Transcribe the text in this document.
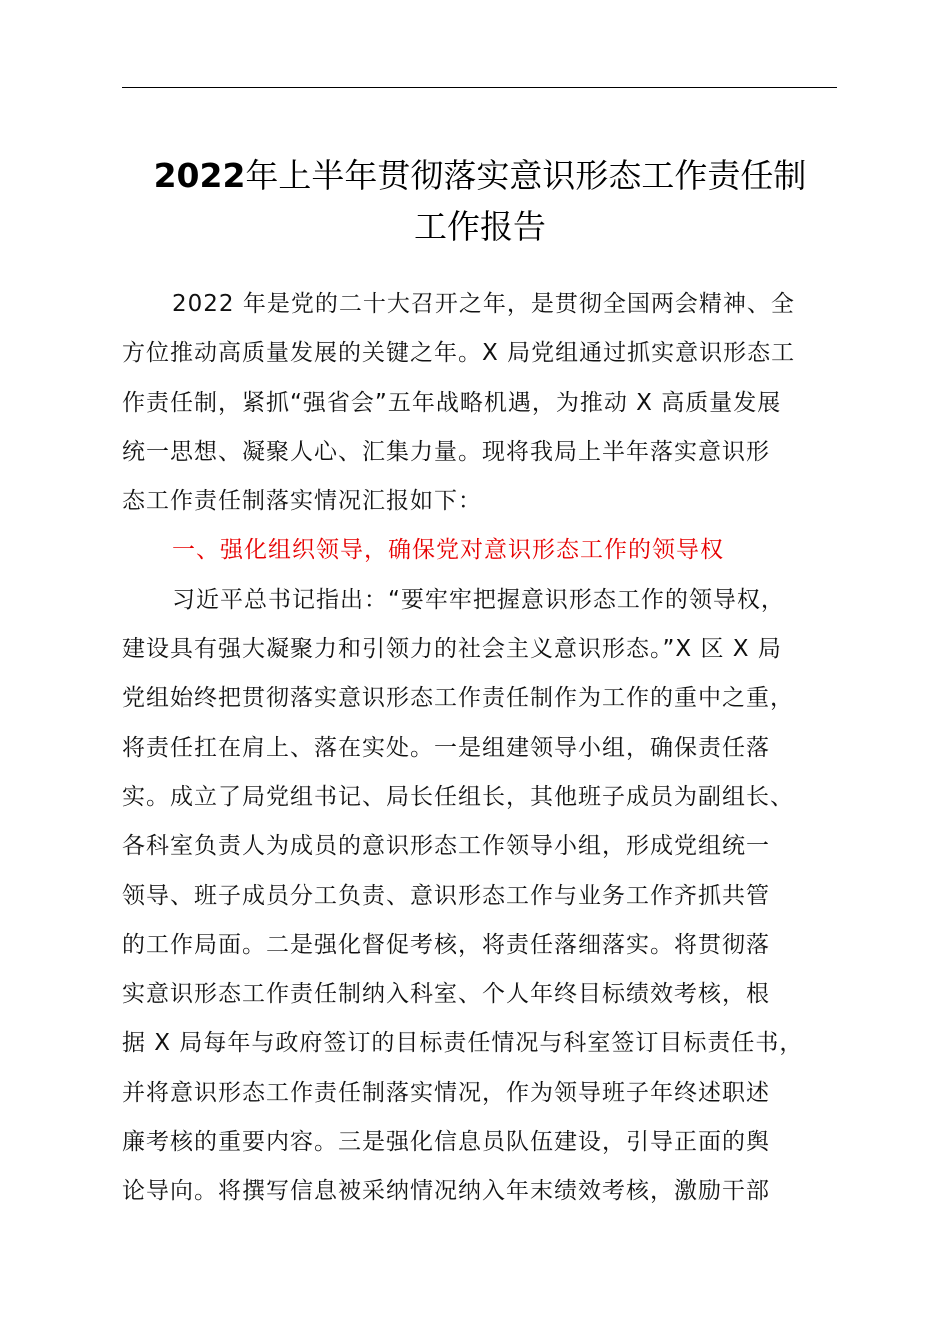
2022年上半年贯彻落实意识形态工作责任制
工作报告
2022 年是党的二十大召开之年，是贯彻全国两会精神、全
方位推动高质量发展的关键之年。X 局党组通过抓实意识形态工
作责任制，紧抓“强省会”五年战略机遇，为推动 X 高质量发展
统一思想、凝聚人心、汇集力量。现将我局上半年落实意识形
态工作责任制落实情况汇报如下：
一、强化组织领导，确保党对意识形态工作的领导权
习近平总书记指出：“要牢牢把握意识形态工作的领导权，
建设具有强大凝聚力和引领力的社会主义意识形态。”X 区 X 局
党组始终把贯彻落实意识形态工作责任制作为工作的重中之重，
将责任扛在肩上、落在实处。一是组建领导小组，确保责任落
实。成立了局党组书记、局长任组长，其他班子成员为副组长、
各科室负责人为成员的意识形态工作领导小组，形成党组统一
领导、班子成员分工负责、意识形态工作与业务工作齐抓共管
的工作局面。二是强化督促考核，将责任落细落实。将贯彻落
实意识形态工作责任制纳入科室、个人年终目标绩效考核，根
据 X 局每年与政府签订的目标责任情况与科室签订目标责任书，
并将意识形态工作责任制落实情况，作为领导班子年终述职述
廉考核的重要内容。三是强化信息员队伍建设，引导正面的舆
论导向。将撰写信息被采纳情况纳入年末绩效考核，激励干部
